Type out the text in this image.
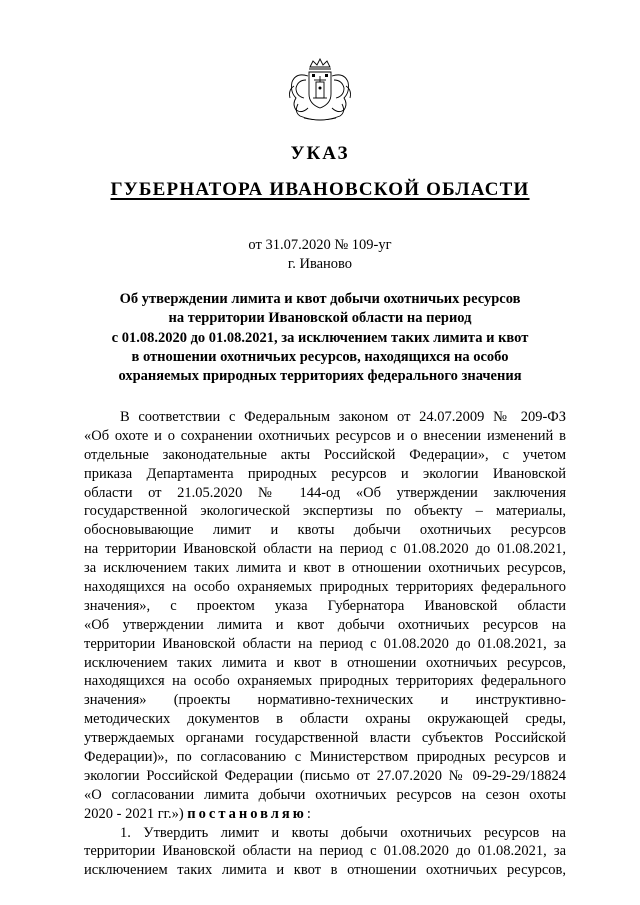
УКАЗ
ГУБЕРНАТОРА ИВАНОВСКОЙ ОБЛАСТИ
от 31.07.2020 № 109-уг
г. Иваново
Об утверждении лимита и квот добычи охотничьих ресурсов
на территории Ивановской области на период
с 01.08.2020 до 01.08.2021, за исключением таких лимита и квот
в отношении охотничьих ресурсов, находящихся на особо
охраняемых природных территориях федерального значения
В соответствии с Федеральным законом от 24.07.2009 № 209-ФЗ
«Об охоте и о сохранении охотничьих ресурсов и о внесении изменений в
отдельные законодательные акты Российской Федерации», с учетом
приказа Департамента природных ресурсов и экологии Ивановской
области от 21.05.2020 № 144-од «Об утверждении заключения
государственной экологической экспертизы по объекту – материалы,
обосновывающие лимит и квоты добычи охотничьих ресурсов
на территории Ивановской области на период с 01.08.2020 до 01.08.2021,
за исключением таких лимита и квот в отношении охотничьих ресурсов,
находящихся на особо охраняемых природных территориях федерального
значения», с проектом указа Губернатора Ивановской области
«Об утверждении лимита и квот добычи охотничьих ресурсов на
территории Ивановской области на период с 01.08.2020 до 01.08.2021, за
исключением таких лимита и квот в отношении охотничьих ресурсов,
находящихся на особо охраняемых природных территориях федерального
значения» (проекты нормативно-технических и инструктивно-
методических документов в области охраны окружающей среды,
утверждаемых органами государственной власти субъектов Российской
Федерации)», по согласованию с Министерством природных ресурсов и
экологии Российской Федерации (письмо от 27.07.2020 № 09-29-29/18824
«О согласовании лимита добычи охотничьих ресурсов на сезон охоты
2020 - 2021 гг.») постановляю:
1. Утвердить лимит и квоты добычи охотничьих ресурсов на
территории Ивановской области на период с 01.08.2020 до 01.08.2021, за
исключением таких лимита и квот в отношении охотничьих ресурсов,
